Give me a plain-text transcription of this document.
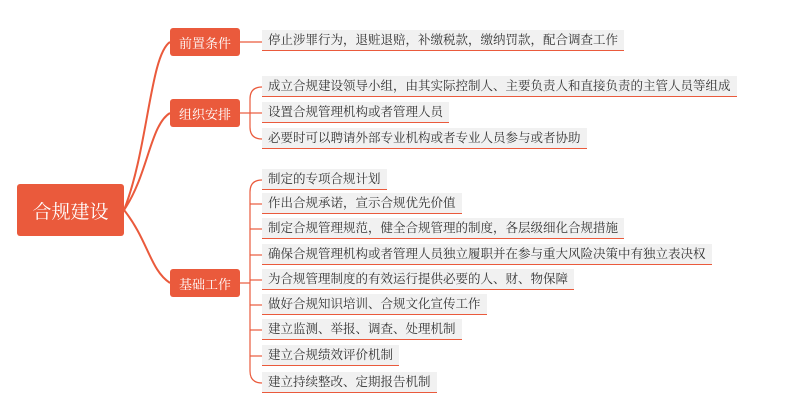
合规建设
前置条件
组织安排
基础工作
停止涉罪行为，退赃退赔，补缴税款，缴纳罚款，配合调查工作
成立合规建设领导小组，由其实际控制人、主要负责人和直接负责的主管人员等组成
设置合规管理机构或者管理人员
必要时可以聘请外部专业机构或者专业人员参与或者协助
制定的专项合规计划
作出合规承诺，宣示合规优先价值
制定合规管理规范，健全合规管理的制度，各层级细化合规措施
确保合规管理机构或者管理人员独立履职并在参与重大风险决策中有独立表决权
为合规管理制度的有效运行提供必要的人、财、物保障
做好合规知识培训、合规文化宣传工作
建立监测、举报、调查、处理机制
建立合规绩效评价机制
建立持续整改、定期报告机制
